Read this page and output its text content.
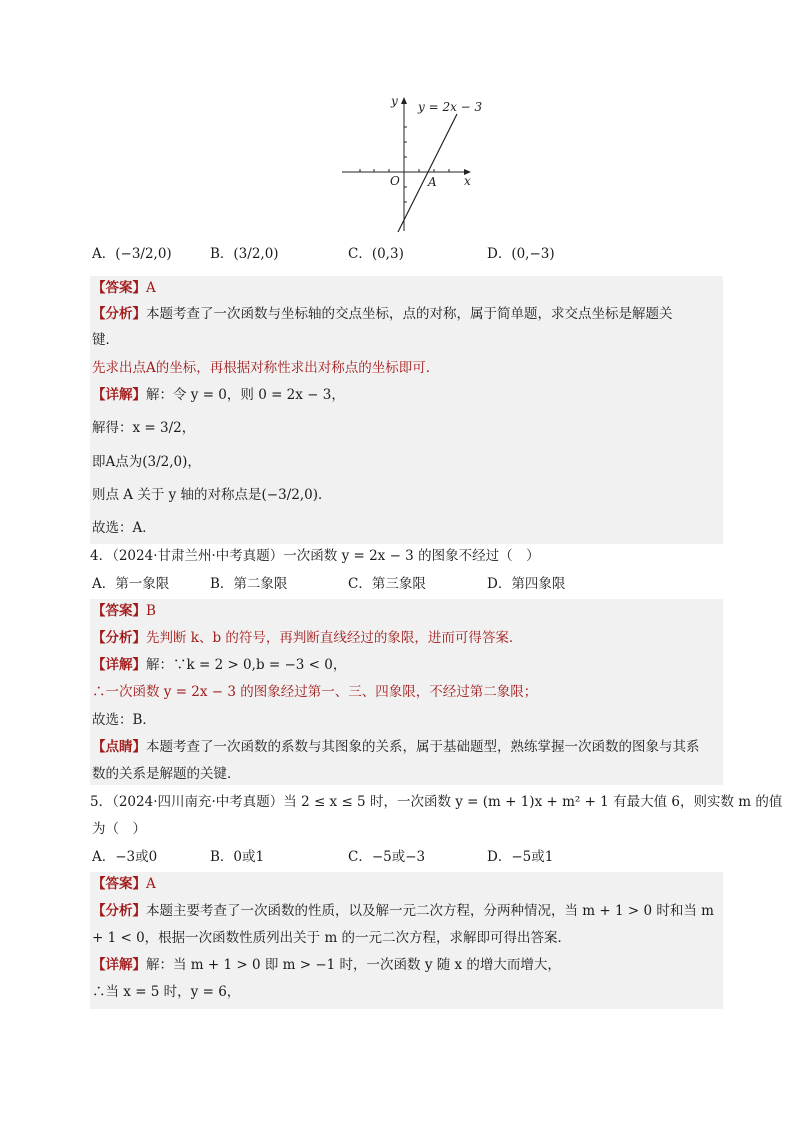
y
x
O A
y = 2x − 3
A．(−3/2,0)	B．(3/2,0)	C．(0,3)	D．(0,−3)
【答案】A
【分析】本题考查了一次函数与坐标轴的交点坐标，点的对称，属于简单题，求交点坐标是解题关
键．
先求出点A的坐标，再根据对称性求出对称点的坐标即可．
【详解】解：令 y = 0，则 0 = 2x − 3，
解得：x = 3/2，
即A点为(3/2,0)，
则点 A 关于 y 轴的对称点是(−3/2,0)．
故选：A．
4．（2024·甘肃兰州·中考真题）一次函数 y = 2x − 3 的图象不经过（　）
A．第一象限	B．第二象限	C．第三象限	D．第四象限
【答案】B
【分析】先判断 k、b 的符号，再判断直线经过的象限，进而可得答案．
【详解】解：∵k = 2 > 0,b = −3 < 0，
∴一次函数 y = 2x − 3 的图象经过第一、三、四象限，不经过第二象限；
故选：B．
【点睛】本题考查了一次函数的系数与其图象的关系，属于基础题型，熟练掌握一次函数的图象与其系
数的关系是解题的关键．
5．（2024·四川南充·中考真题）当 2 ≤ x ≤ 5 时，一次函数 y = (m + 1)x + m² + 1 有最大值 6，则实数 m 的值
为（　）
A．−3或0	B．0或1	C．−5或−3	D．−5或1
【答案】A
【分析】本题主要考查了一次函数的性质，以及解一元二次方程，分两种情况，当 m + 1 > 0 时和当 m
+ 1 < 0，根据一次函数性质列出关于 m 的一元二次方程，求解即可得出答案．
【详解】解：当 m + 1 > 0 即 m > −1 时，一次函数 y 随 x 的增大而增大，
∴当 x = 5 时，y = 6，
